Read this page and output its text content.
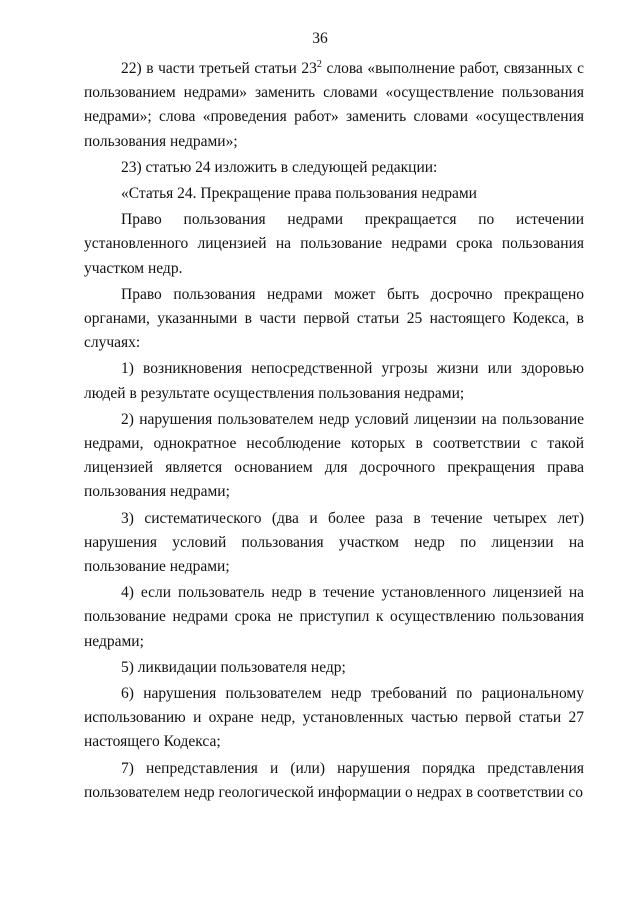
36

22) в части третьей статьи $23^2$ слова «выполнение работ, связанных с пользованием недрами» заменить словами «осуществление пользования недрами»; слова «проведения работ» заменить словами «осуществления пользования недрами»;

23) статью 24 изложить в следующей редакции:

«Статья 24. Прекращение права пользования недрами

Право пользования недрами прекращается по истечении установленного лицензией на пользование недрами срока пользования участком недр.

Право пользования недрами может быть досрочно прекращено органами, указанными в части первой статьи 25 настоящего Кодекса, в случаях:

1) возникновения непосредственной угрозы жизни или здоровью людей в результате осуществления пользования недрами;

2) нарушения пользователем недр условий лицензии на пользование недрами, однократное несоблюдение которых в соответствии с такой лицензией является основанием для досрочного прекращения права пользования недрами;

3) систематического (два и более раза в течение четырех лет) нарушения условий пользования участком недр по лицензии на пользование недрами;

4) если пользователь недр в течение установленного лицензией на пользование недрами срока не приступил к осуществлению пользования недрами;

5) ликвидации пользователя недр;

6) нарушения пользователем недр требований по рациональному использованию и охране недр, установленных частью первой статьи 27 настоящего Кодекса;

7) непредставления и (или) нарушения порядка представления пользователем недр геологической информации о недрах в соответствии со
